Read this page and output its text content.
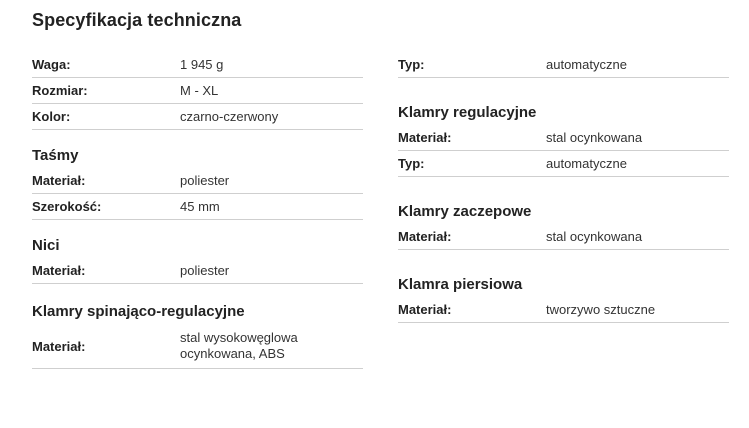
Specyfikacja techniczna
Waga:	1 945 g
Rozmiar:	M - XL
Kolor:	czarno-czerwony
Taśmy
Materiał:	poliester
Szerokość:	45 mm
Nici
Materiał:	poliester
Klamry spinająco-regulacyjne
Materiał:
stal wysokowęglowa
ocynkowana, ABS
Typ:	automatyczne
Klamry regulacyjne
Materiał:	stal ocynkowana
Typ:	automatyczne
Klamry zaczepowe
Materiał:	stal ocynkowana
Klamra piersiowa
Materiał:	tworzywo sztuczne
